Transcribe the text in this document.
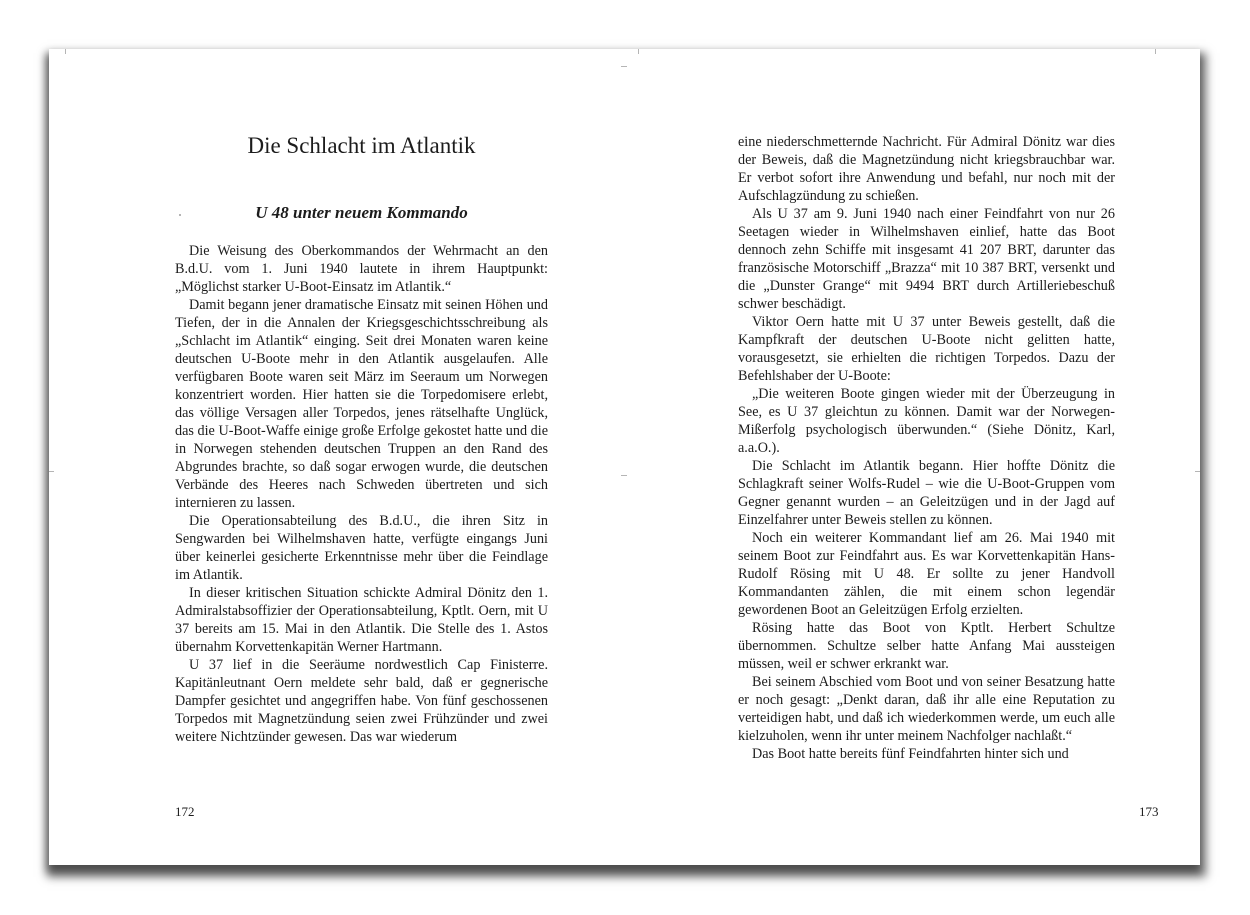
Die Schlacht im Atlantik
U 48 unter neuem Kommando

Die Weisung des Oberkommandos der Wehrmacht an den B.d.U. vom 1. Juni 1940 lautete in ihrem Hauptpunkt: „Möglichst starker U-Boot-Einsatz im Atlantik.“

Damit begann jener dramatische Einsatz mit seinen Höhen und Tiefen, der in die Annalen der Kriegsgeschichtsschreibung als „Schlacht im Atlantik“ einging. Seit drei Monaten waren keine deutschen U-Boote mehr in den Atlantik ausgelaufen. Alle verfügbaren Boote waren seit März im Seeraum um Norwegen konzentriert worden. Hier hatten sie die Torpedomisere erlebt, das völlige Versagen aller Torpedos, jenes rätselhafte Unglück, das die U-Boot-Waffe einige große Erfolge gekostet hatte und die in Norwegen stehenden deutschen Truppen an den Rand des Abgrundes brachte, so daß sogar erwogen wurde, die deutschen Verbände des Heeres nach Schweden übertreten und sich internieren zu lassen.

Die Operationsabteilung des B.d.U., die ihren Sitz in Sengwarden bei Wilhelmshaven hatte, verfügte eingangs Juni über keinerlei gesicherte Erkenntnisse mehr über die Feindlage im Atlantik.

In dieser kritischen Situation schickte Admiral Dönitz den 1. Admiralstabsoffizier der Operationsabteilung, Kptlt. Oern, mit U 37 bereits am 15. Mai in den Atlantik. Die Stelle des 1. Astos übernahm Korvettenkapitän Werner Hartmann.

U 37 lief in die Seeräume nordwestlich Cap Finisterre. Kapitänleutnant Oern meldete sehr bald, daß er gegnerische Dampfer gesichtet und angegriffen habe. Von fünf geschossenen Torpedos mit Magnetzündung seien zwei Frühzünder und zwei weitere Nichtzünder gewesen. Das war wiederum

172

eine niederschmetternde Nachricht. Für Admiral Dönitz war dies der Beweis, daß die Magnetzündung nicht kriegsbrauchbar war. Er verbot sofort ihre Anwendung und befahl, nur noch mit der Aufschlagzündung zu schießen.

Als U 37 am 9. Juni 1940 nach einer Feindfahrt von nur 26 Seetagen wieder in Wilhelmshaven einlief, hatte das Boot dennoch zehn Schiffe mit insgesamt 41 207 BRT, darunter das französische Motorschiff „Brazza“ mit 10 387 BRT, versenkt und die „Dunster Grange“ mit 9494 BRT durch Artilleriebeschuß schwer beschädigt.

Viktor Oern hatte mit U 37 unter Beweis gestellt, daß die Kampfkraft der deutschen U-Boote nicht gelitten hatte, vorausgesetzt, sie erhielten die richtigen Torpedos. Dazu der Befehlshaber der U-Boote:

„Die weiteren Boote gingen wieder mit der Überzeugung in See, es U 37 gleichtun zu können. Damit war der Norwegen-Mißerfolg psychologisch überwunden.“ (Siehe Dönitz, Karl, a.a.O.).

Die Schlacht im Atlantik begann. Hier hoffte Dönitz die Schlagkraft seiner Wolfs-Rudel – wie die U-Boot-Gruppen vom Gegner genannt wurden – an Geleitzügen und in der Jagd auf Einzelfahrer unter Beweis stellen zu können.

Noch ein weiterer Kommandant lief am 26. Mai 1940 mit seinem Boot zur Feindfahrt aus. Es war Korvettenkapitän Hans-Rudolf Rösing mit U 48. Er sollte zu jener Handvoll Kommandanten zählen, die mit einem schon legendär gewordenen Boot an Geleitzügen Erfolg erzielten.

Rösing hatte das Boot von Kptlt. Herbert Schultze übernommen. Schultze selber hatte Anfang Mai aussteigen müssen, weil er schwer erkrankt war.

Bei seinem Abschied vom Boot und von seiner Besatzung hatte er noch gesagt: „Denkt daran, daß ihr alle eine Reputation zu verteidigen habt, und daß ich wiederkommen werde, um euch alle kielzuholen, wenn ihr unter meinem Nachfolger nachlaßt.“

Das Boot hatte bereits fünf Feindfahrten hinter sich und

173
